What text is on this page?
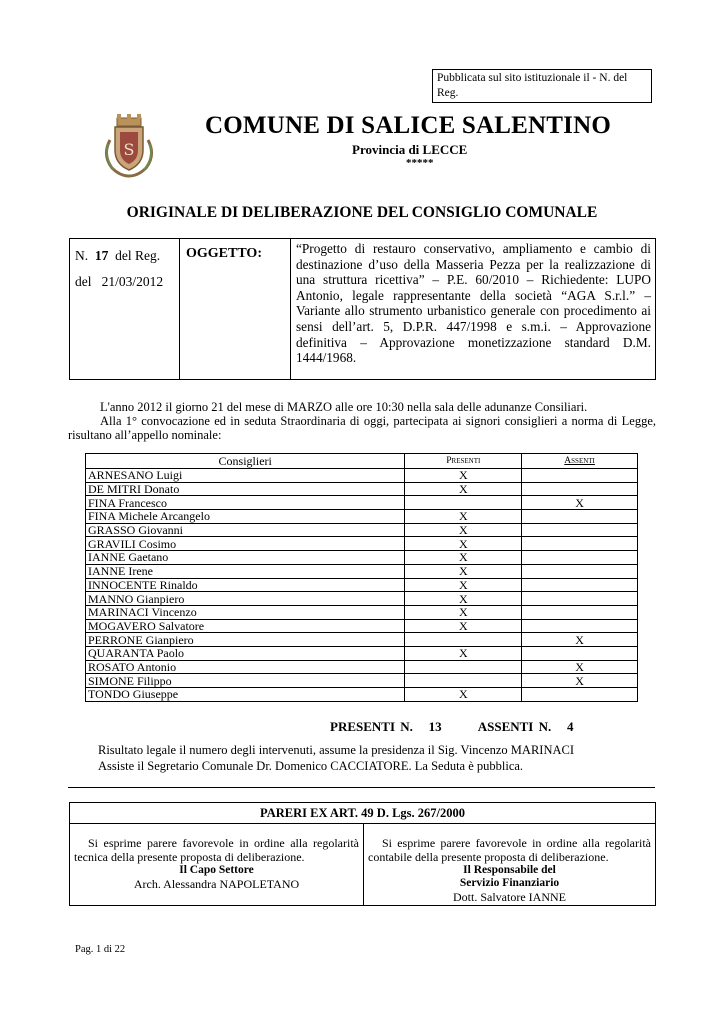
Pubblicata sul sito istituzionale il - N. del Reg.
S
COMUNE DI SALICE SALENTINO
Provincia di LECCE
*****
ORIGINALE DI DELIBERAZIONE DEL CONSIGLIO COMUNALE
N. 17 del Reg.
del 21/03/2012
OGGETTO:	“Progetto di restauro conservativo, ampliamento e cambio di destinazione d’uso della Masseria Pezza per la realizzazione di una struttura ricettiva” – P.E. 60/2010 – Richiedente: LUPO Antonio, legale rappresentante della società “AGA S.r.l.” – Variante allo strumento urbanistico generale con procedimento ai sensi dell’art. 5, D.P.R. 447/1998 e s.m.i. – Approvazione definitiva – Approvazione monetizzazione standard D.M. 1444/1968.
L'anno 2012 il giorno 21 del mese di MARZO alle ore 10:30 nella sala delle adunanze Consiliari.
Alla 1° convocazione ed in seduta Straordinaria di oggi, partecipata ai signori consiglieri a norma di Legge, risultano all’appello nominale:
Consiglieri	Presenti	Assenti
ARNESANO Luigi	X	
DE MITRI Donato	X	
FINA Francesco		X
FINA Michele Arcangelo	X	
GRASSO Giovanni	X	
GRAVILI Cosimo	X	
IANNE Gaetano	X	
IANNE Irene	X	
INNOCENTE Rinaldo	X	
MANNO Gianpiero	X	
MARINACI Vincenzo	X	
MOGAVERO Salvatore	X	
PERRONE Gianpiero		X
QUARANTA Paolo	X	
ROSATO Antonio		X
SIMONE Filippo		X
TONDO Giuseppe	X	
PRESENTI N. 13	ASSENTI N. 4
Risultato legale il numero degli intervenuti, assume la presidenza il Sig. Vincenzo MARINACI
Assiste il Segretario Comunale Dr. Domenico CACCIATORE. La Seduta è pubblica.
PARERI EX ART. 49 D. Lgs. 267/2000
Si esprime parere favorevole in ordine alla regolarità tecnica della presente proposta di deliberazione.
Il Capo Settore
Arch. Alessandra NAPOLETANO
Si esprime parere favorevole in ordine alla regolarità contabile della presente proposta di deliberazione.
Il Responsabile del
Servizio Finanziario
Dott. Salvatore IANNE
Pag. 1 di 22
